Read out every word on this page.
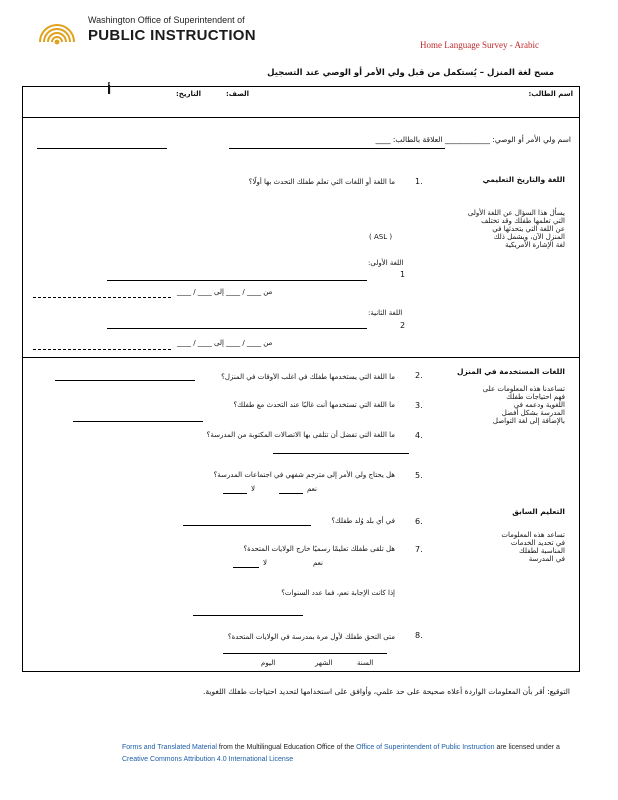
Washington Office of Superintendent of
PUBLIC INSTRUCTION
Home Language Survey - Arabic
مسح لغة المنزل – يُستكمل من قبل ولي الأمر أو الوصي عند التسجيل
اسم الطالب:
الصف:
التاريخ:
أ
اسم ولي الأمر أو الوصي: ____________ العلاقة بالطالب: ____
اللغة والتاريخ التعليمي
يسأل هذا السؤال عن اللغة الأولى
التي تعلمها طفلك وقد تختلف
عن اللغة التي يتحدثها في
المنزل الآن، ويشمل ذلك
لغة الإشارة الأمريكية
1.
ما اللغة أو اللغات التي تعلم طفلك التحدث بها أولًا؟
( ASL )
اللغة الأولى:
1
من ____ / ____ إلى ____ / ____
اللغة الثانية:
2
من ____ / ____ إلى ____ / ____
اللغات المستخدمة في المنزل
تساعدنا هذه المعلومات على
فهم احتياجات طفلك
اللغوية ودعمه في
المدرسة بشكل أفضل
بالإضافة إلى لغة التواصل
2.
ما اللغة التي يستخدمها طفلك في أغلب الأوقات في المنزل؟
3.
ما اللغة التي تستخدمها أنت غالبًا عند التحدث مع طفلك؟
4.
ما اللغة التي تفضل أن تتلقى بها الاتصالات المكتوبة من المدرسة؟
5.
هل يحتاج ولي الأمر إلى مترجم شفهي في اجتماعات المدرسة؟
نعم
لا
التعليم السابق
تساعد هذه المعلومات
في تحديد الخدمات
المناسبة لطفلك
في المدرسة
6.
في أي بلد وُلد طفلك؟
7.
هل تلقى طفلك تعليمًا رسميًا خارج الولايات المتحدة؟
نعم
لا
إذا كانت الإجابة نعم، فما عدد السنوات؟
8.
متى التحق طفلك لأول مرة بمدرسة في الولايات المتحدة؟
اليوم	الشهر	السنة
التوقيع: أقر بأن المعلومات الواردة أعلاه صحيحة على حد علمي، وأوافق على استخدامها لتحديد احتياجات طفلك اللغوية.
Forms and Translated Material from the Multilingual Education Office of the Office of Superintendent of Public Instruction are licensed under a Creative Commons Attribution 4.0 International License
